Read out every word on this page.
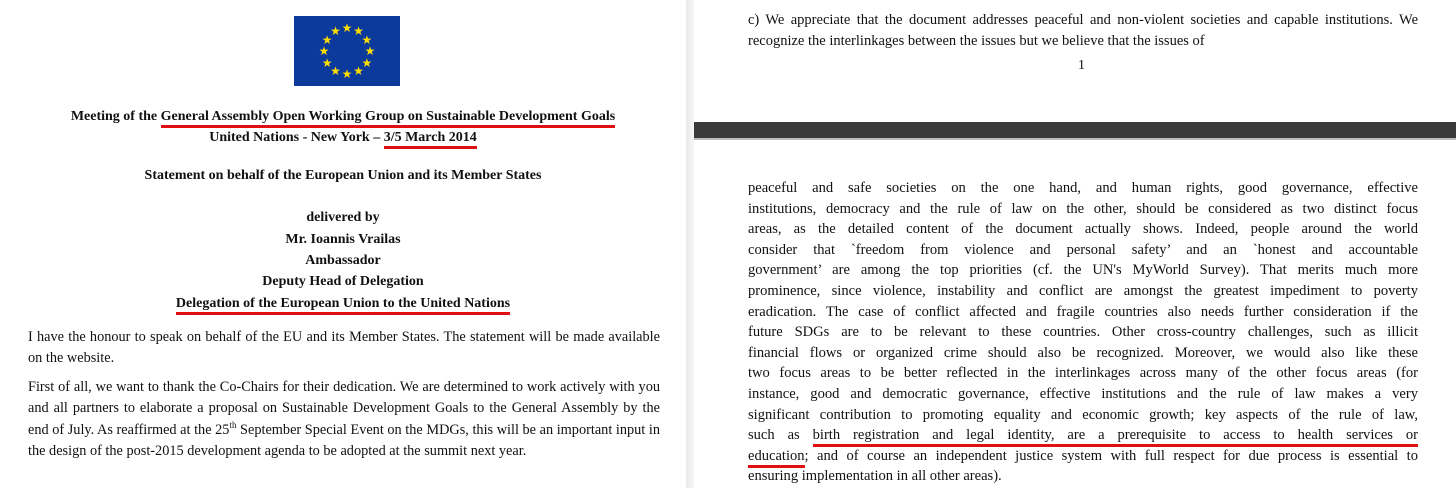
★ ★
★
★
★
★
★
★
★
★
★
★
Meeting of the General Assembly Open Working Group on Sustainable Development Goals
United Nations - New York – 3/5 March 2014
Statement on behalf of the European Union and its Member States
delivered by
Mr. Ioannis Vrailas
Ambassador
Deputy Head of Delegation
Delegation of the European Union to the United Nations
I have the honour to speak on behalf of the EU and its Member States. The statement will be made available on the website.
First of all, we want to thank the Co-Chairs for their dedication. We are determined to work actively with you and all partners to elaborate a proposal on Sustainable Development Goals to the General Assembly by the end of July. As reaffirmed at the 25th September Special Event on the MDGs, this will be an important input in the design of the post-2015 development agenda to be adopted at the summit next year.
c) We appreciate that the document addresses peaceful and non-violent societies and capable institutions. We recognize the interlinkages between the issues but we believe that the issues of
1
peaceful and safe societies on the one hand, and human rights, good governance, effective
institutions, democracy and the rule of law on the other, should be considered as two distinct focus
areas, as the detailed content of the document actually shows. Indeed, people around the world
consider that `freedom from violence and personal safety’ and an `honest and accountable
government’ are among the top priorities (cf. the UN's MyWorld Survey). That merits much more
prominence, since violence, instability and conflict are amongst the greatest impediment to poverty
eradication. The case of conflict affected and fragile countries also needs further consideration if the
future SDGs are to be relevant to these countries. Other cross-country challenges, such as illicit
financial flows or organized crime should also be recognized. Moreover, we would also like these
two focus areas to be better reflected in the interlinkages across many of the other focus areas (for
instance, good and democratic governance, effective institutions and the rule of law makes a very
significant contribution to promoting equality and economic growth; key aspects of the rule of law,
such as birth registration and legal identity, are a prerequisite to access to health services or
education; and of course an independent justice system with full respect for due process is essential to
ensuring implementation in all other areas).
